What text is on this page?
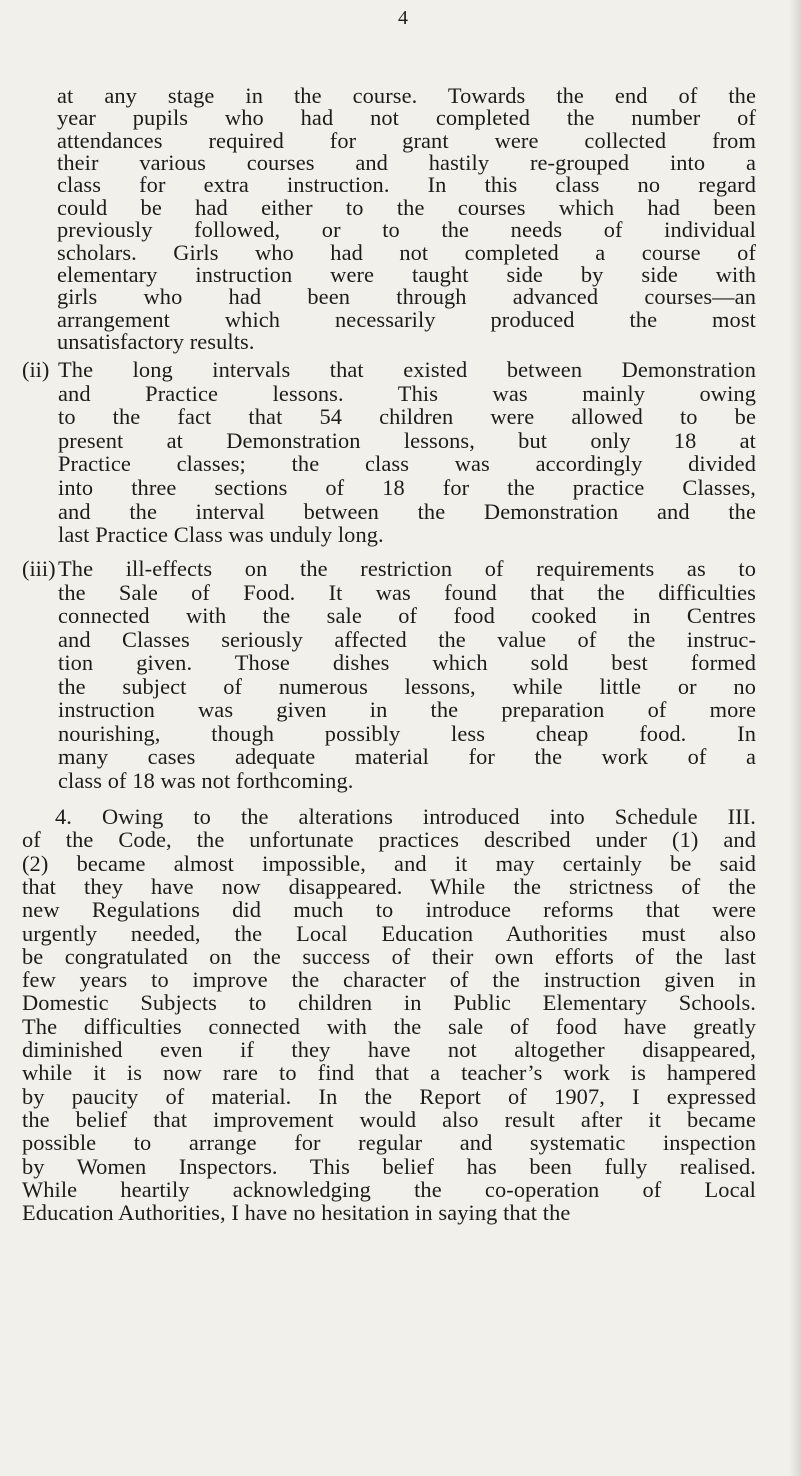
4

at any stage in the course. Towards the end of the
year pupils who had not completed the number of
attendances required for grant were collected from
their various courses and hastily re-grouped into a
class for extra instruction. In this class no regard
could be had either to the courses which had been
previously followed, or to the needs of individual
scholars. Girls who had not completed a course of
elementary instruction were taught side by side with
girls who had been through advanced courses—an
arrangement which necessarily produced the most
unsatisfactory results.
(ii) The long intervals that existed between Demonstration
and Practice lessons. This was mainly owing
to the fact that 54 children were allowed to be
present at Demonstration lessons, but only 18 at
Practice classes; the class was accordingly divided
into three sections of 18 for the practice Classes,
and the interval between the Demonstration and the
last Practice Class was unduly long.
(iii) The ill-effects on the restriction of requirements as to
the Sale of Food. It was found that the difficulties
connected with the sale of food cooked in Centres
and Classes seriously affected the value of the instruc-
tion given. Those dishes which sold best formed
the subject of numerous lessons, while little or no
instruction was given in the preparation of more
nourishing, though possibly less cheap food. In
many cases adequate material for the work of a
class of 18 was not forthcoming.
4. Owing to the alterations introduced into Schedule III.
of the Code, the unfortunate practices described under (1) and
(2) became almost impossible, and it may certainly be said
that they have now disappeared. While the strictness of the
new Regulations did much to introduce reforms that were
urgently needed, the Local Education Authorities must also
be congratulated on the success of their own efforts of the last
few years to improve the character of the instruction given in
Domestic Subjects to children in Public Elementary Schools.
The difficulties connected with the sale of food have greatly
diminished even if they have not altogether disappeared,
while it is now rare to find that a teacher’s work is hampered
by paucity of material. In the Report of 1907, I expressed
the belief that improvement would also result after it became
possible to arrange for regular and systematic inspection
by Women Inspectors. This belief has been fully realised.
While heartily acknowledging the co-operation of Local
Education Authorities, I have no hesitation in saying that the
